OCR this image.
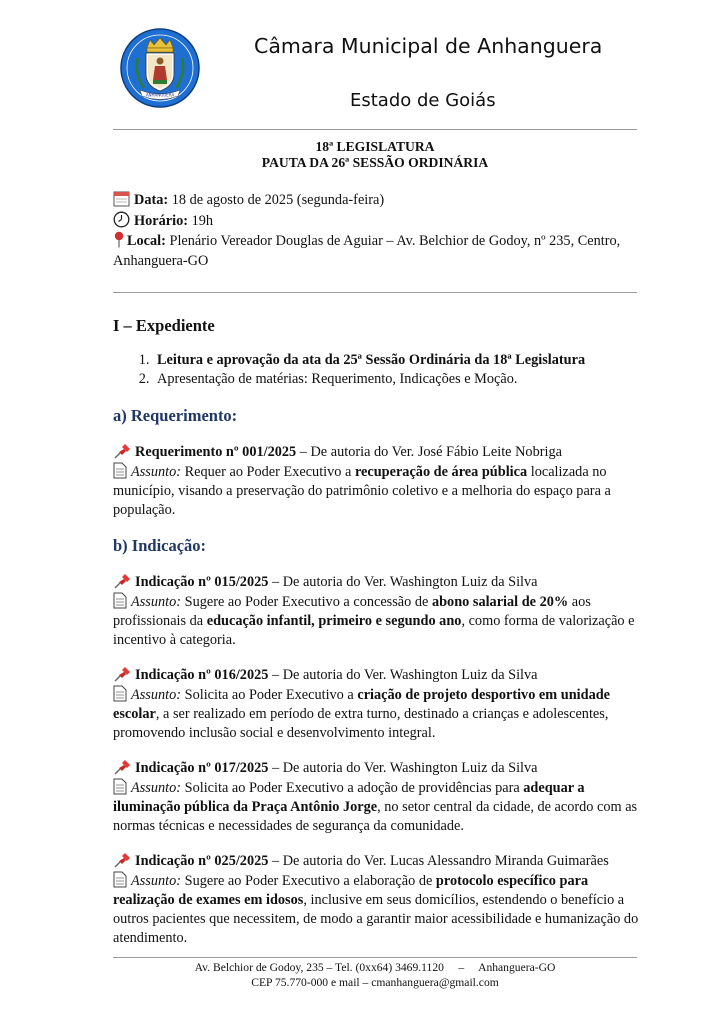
ANHANGUERA
Câmara Municipal de Anhanguera
Estado de Goiás
18ª LEGISLATURA
PAUTA DA 26ª SESSÃO ORDINÁRIA
Data: 18 de agosto de 2025 (segunda-feira)
Horário: 19h
Local: Plenário Vereador Douglas de Aguiar – Av. Belchior de Godoy, nº 235, Centro, Anhanguera-GO
I – Expediente
1. Leitura e aprovação da ata da 25ª Sessão Ordinária da 18ª Legislatura
2. Apresentação de matérias: Requerimento, Indicações e Moção.
a) Requerimento:
Requerimento nº 001/2025 – De autoria do Ver. José Fábio Leite Nobriga
Assunto: Requer ao Poder Executivo a recuperação de área pública localizada no município, visando a preservação do patrimônio coletivo e a melhoria do espaço para a população.
b) Indicação:
Indicação nº 015/2025 – De autoria do Ver. Washington Luiz da Silva
Assunto: Sugere ao Poder Executivo a concessão de abono salarial de 20% aos profissionais da educação infantil, primeiro e segundo ano, como forma de valorização e incentivo à categoria.
Indicação nº 016/2025 – De autoria do Ver. Washington Luiz da Silva
Assunto: Solicita ao Poder Executivo a criação de projeto desportivo em unidade escolar, a ser realizado em período de extra turno, destinado a crianças e adolescentes, promovendo inclusão social e desenvolvimento integral.
Indicação nº 017/2025 – De autoria do Ver. Washington Luiz da Silva
Assunto: Solicita ao Poder Executivo a adoção de providências para adequar a iluminação pública da Praça Antônio Jorge, no setor central da cidade, de acordo com as normas técnicas e necessidades de segurança da comunidade.
Indicação nº 025/2025 – De autoria do Ver. Lucas Alessandro Miranda Guimarães
Assunto: Sugere ao Poder Executivo a elaboração de protocolo específico para realização de exames em idosos, inclusive em seus domicílios, estendendo o benefício a outros pacientes que necessitem, de modo a garantir maior acessibilidade e humanização do atendimento.
Av. Belchior de Godoy, 235 – Tel. (0xx64) 3469.1120     –     Anhanguera-GO
CEP 75.770-000 e mail – cmanhanguera@gmail.com
